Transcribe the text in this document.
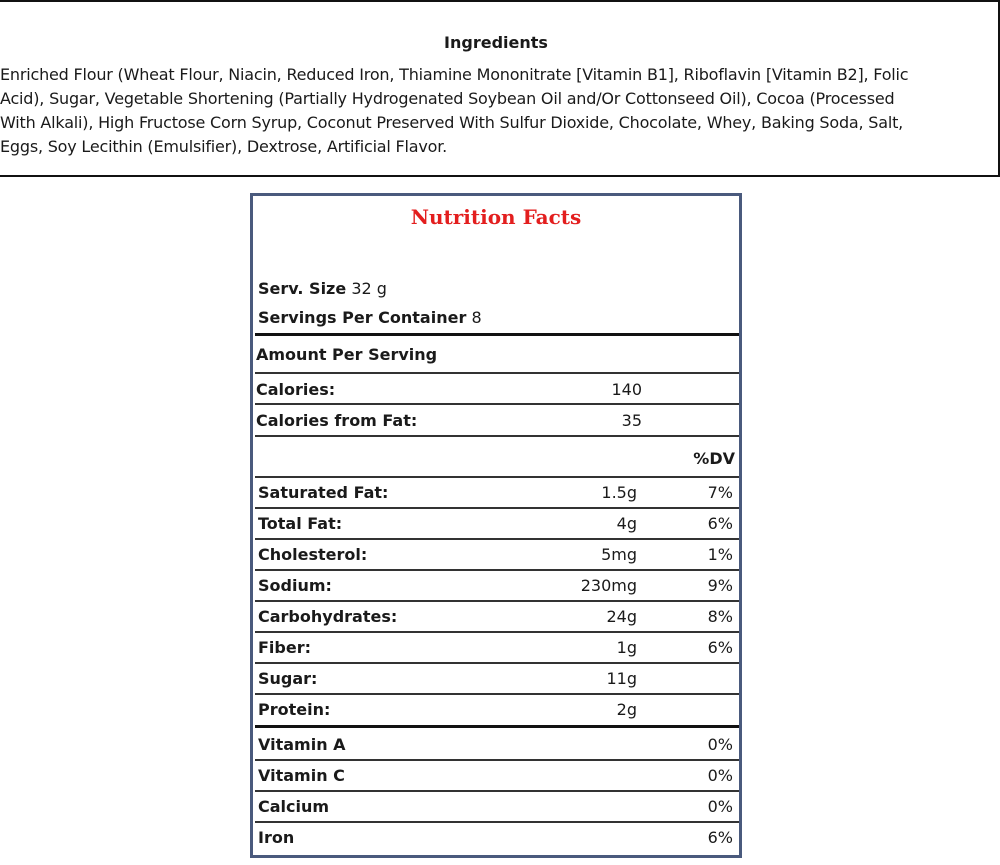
Ingredients
Enriched Flour (Wheat Flour, Niacin, Reduced Iron, Thiamine Mononitrate [Vitamin B1], Riboflavin [Vitamin B2], Folic
Acid), Sugar, Vegetable Shortening (Partially Hydrogenated Soybean Oil and/Or Cottonseed Oil), Cocoa (Processed
With Alkali), High Fructose Corn Syrup, Coconut Preserved With Sulfur Dioxide, Chocolate, Whey, Baking Soda, Salt,
Eggs, Soy Lecithin (Emulsifier), Dextrose, Artificial Flavor.
Nutrition Facts
Serv. Size 32 g
Servings Per Container 8
Amount Per Serving
Calories:	140
Calories from Fat:	35
%DV
Saturated Fat:	1.5g	7%
Total Fat:	4g	6%
Cholesterol:	5mg	1%
Sodium:	230mg	9%
Carbohydrates:	24g	8%
Fiber:	1g	6%
Sugar:	11g
Protein:	2g
Vitamin A	0%
Vitamin C	0%
Calcium	0%
Iron	6%
